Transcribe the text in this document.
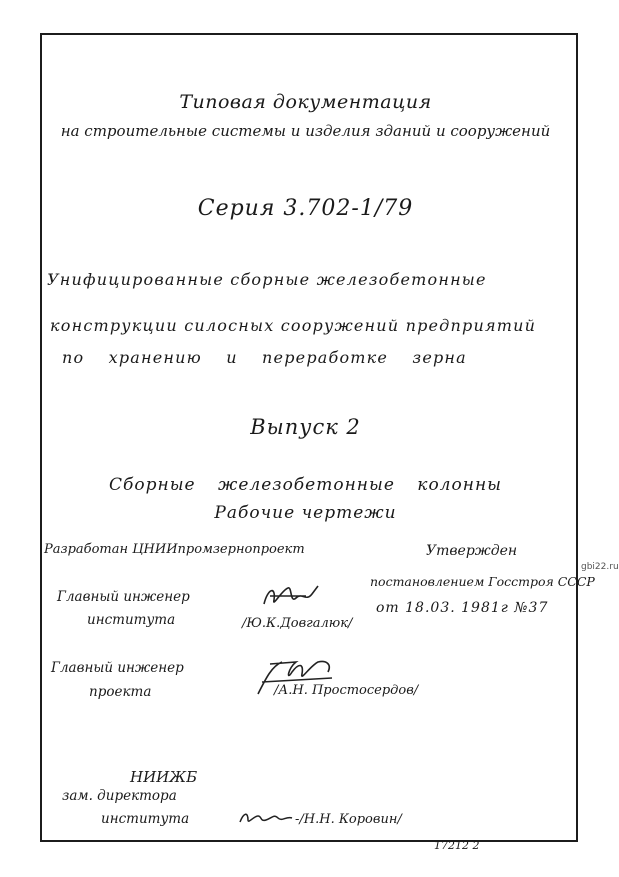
Типовая документация
на строительные системы и изделия зданий и сооружений
Серия 3.702-1/79
Унифицированные сборные железобетонные
конструкции силосных сооружений предприятий
по хранению и переработке зерна
Выпуск 2
Сборные железобетонные колонны
Рабочие чертежи
Разработан ЦНИИпромзернопроект	Утвержден
постановлением Госстроя СССР
от 18.03. 1981г №37
Главный инженер
института	/Ю.К.Довгалюк/
Главный инженер
проекта	/А.Н. Простосердов/
НИИЖБ
зам. директора
института	-/Н.Н. Коровин/
17212 2
gbi22.ru
